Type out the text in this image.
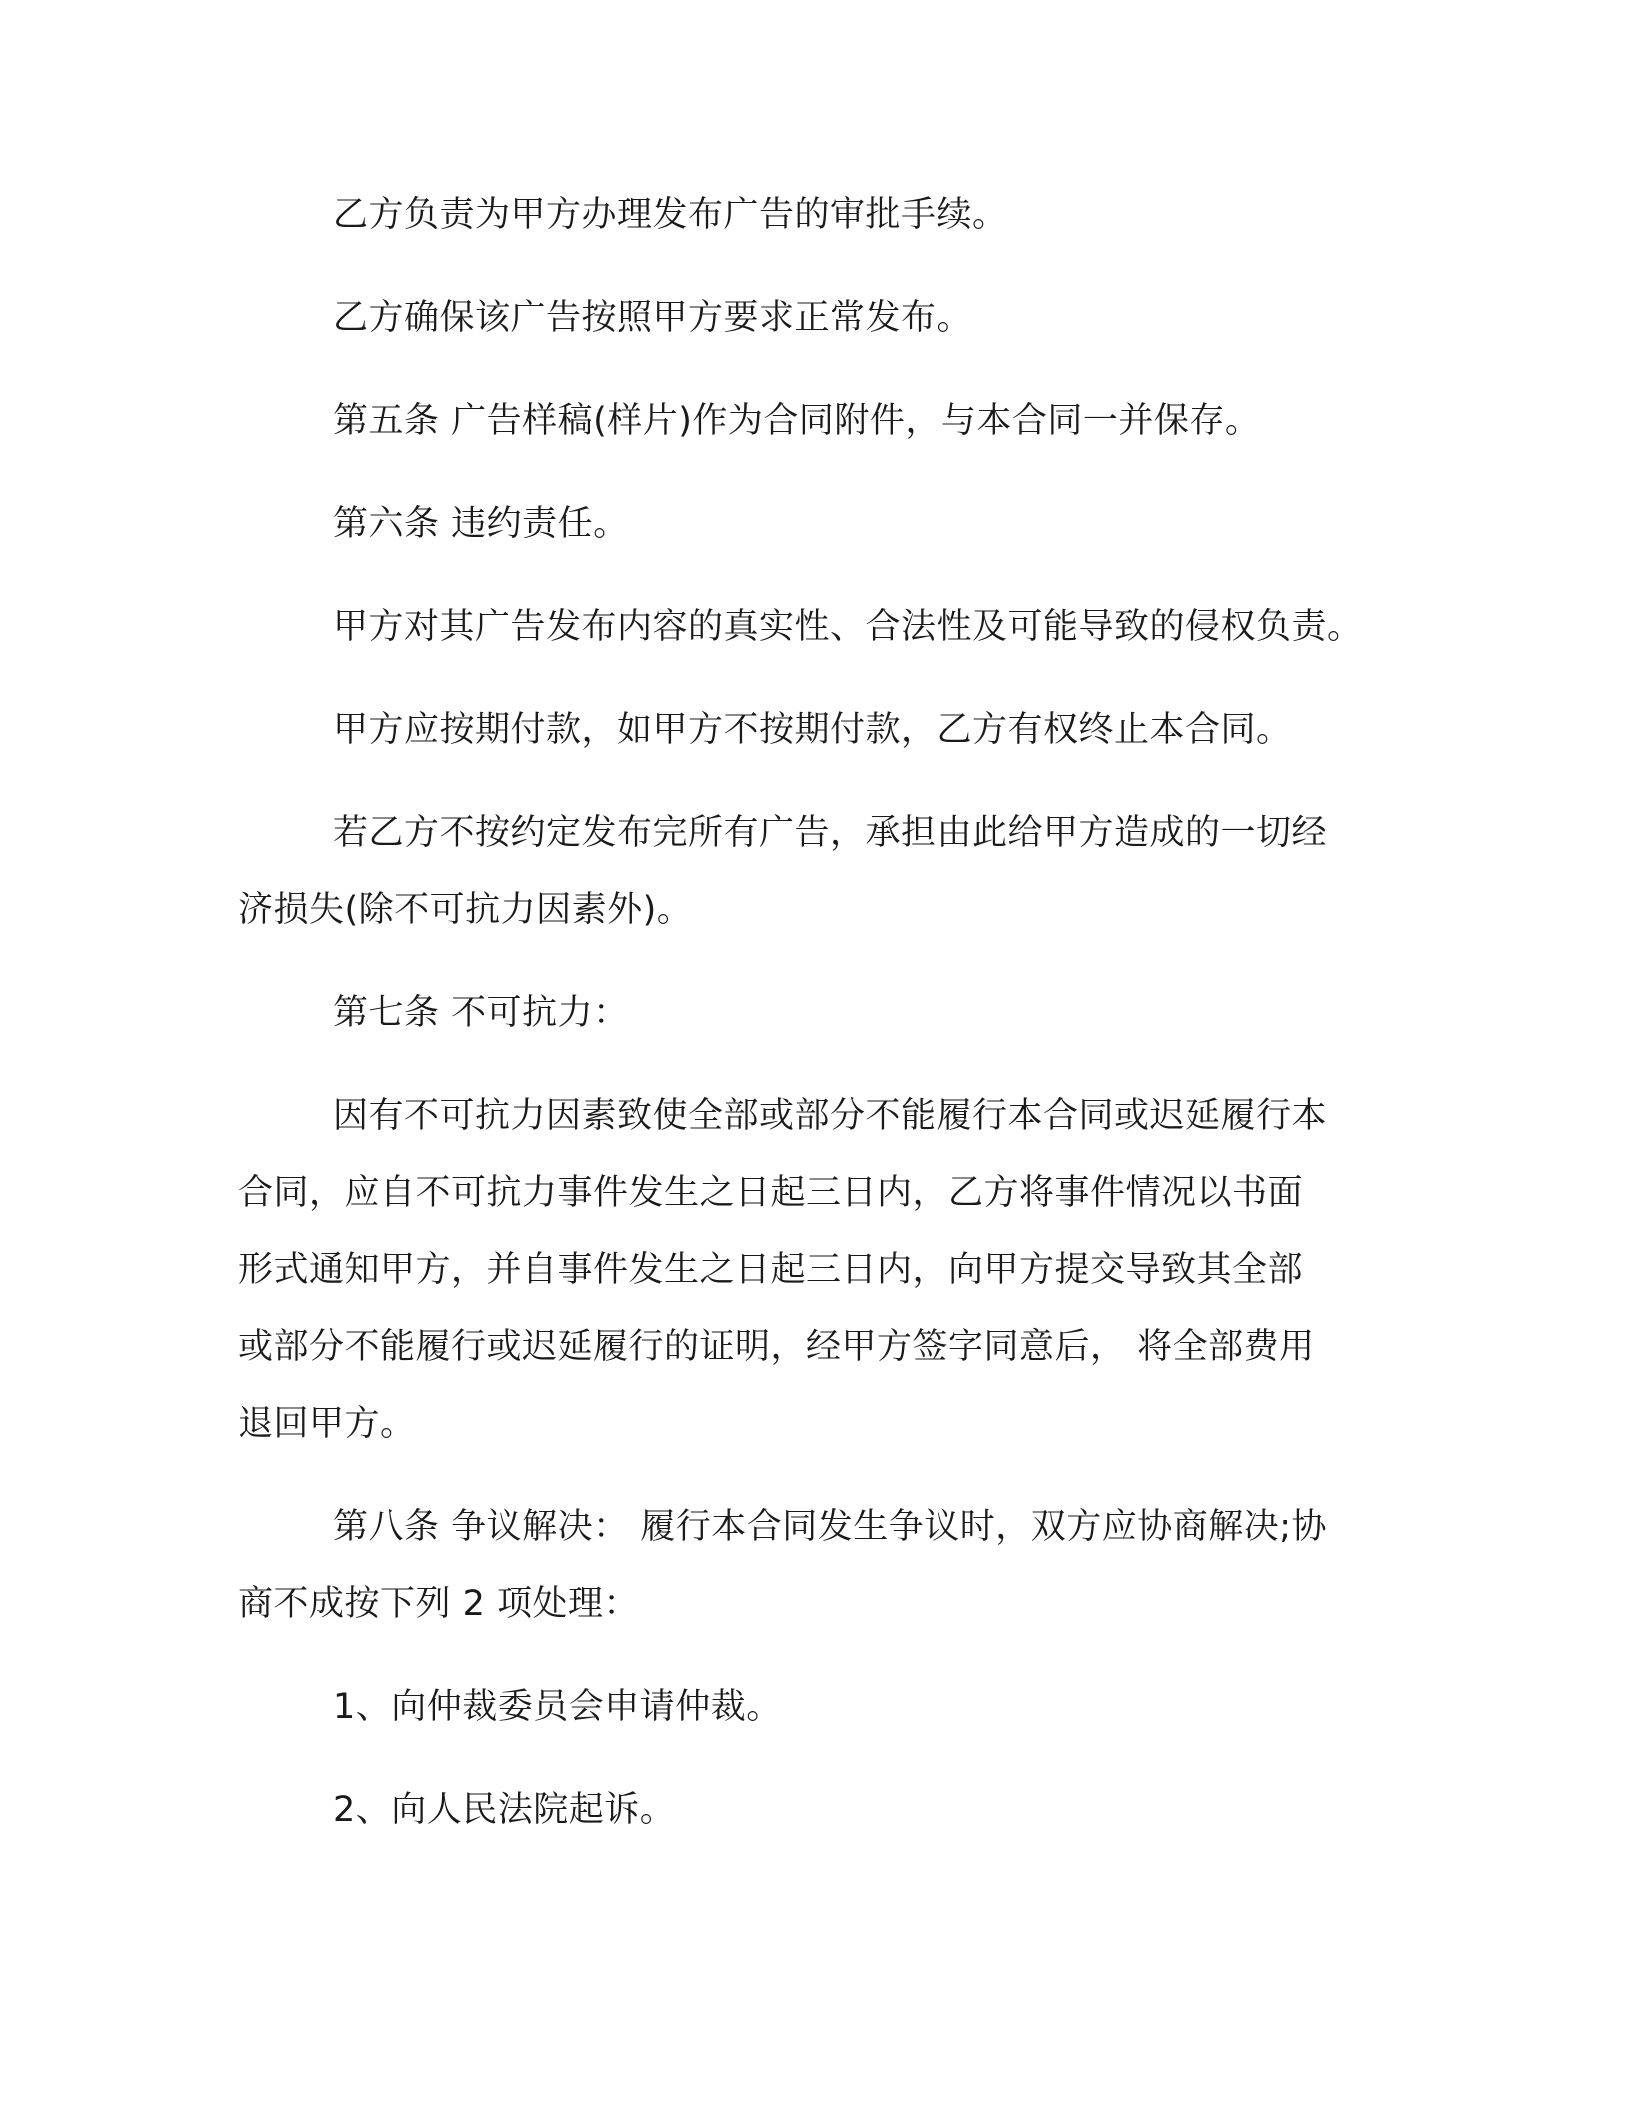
乙方负责为甲方办理发布广告的审批手续。
乙方确保该广告按照甲方要求正常发布。
第五条 广告样稿(样片)作为合同附件，与本合同一并保存。
第六条 违约责任。
甲方对其广告发布内容的真实性、合法性及可能导致的侵权负责。
甲方应按期付款，如甲方不按期付款，乙方有权终止本合同。
若乙方不按约定发布完所有广告，承担由此给甲方造成的一切经
济损失(除不可抗力因素外)。
第七条 不可抗力：
因有不可抗力因素致使全部或部分不能履行本合同或迟延履行本
合同，应自不可抗力事件发生之日起三日内，乙方将事件情况以书面
形式通知甲方，并自事件发生之日起三日内，向甲方提交导致其全部
或部分不能履行或迟延履行的证明，经甲方签字同意后， 将全部费用
退回甲方。
第八条 争议解决： 履行本合同发生争议时，双方应协商解决;协
商不成按下列 2 项处理：
1、向仲裁委员会申请仲裁。
2、向人民法院起诉。
